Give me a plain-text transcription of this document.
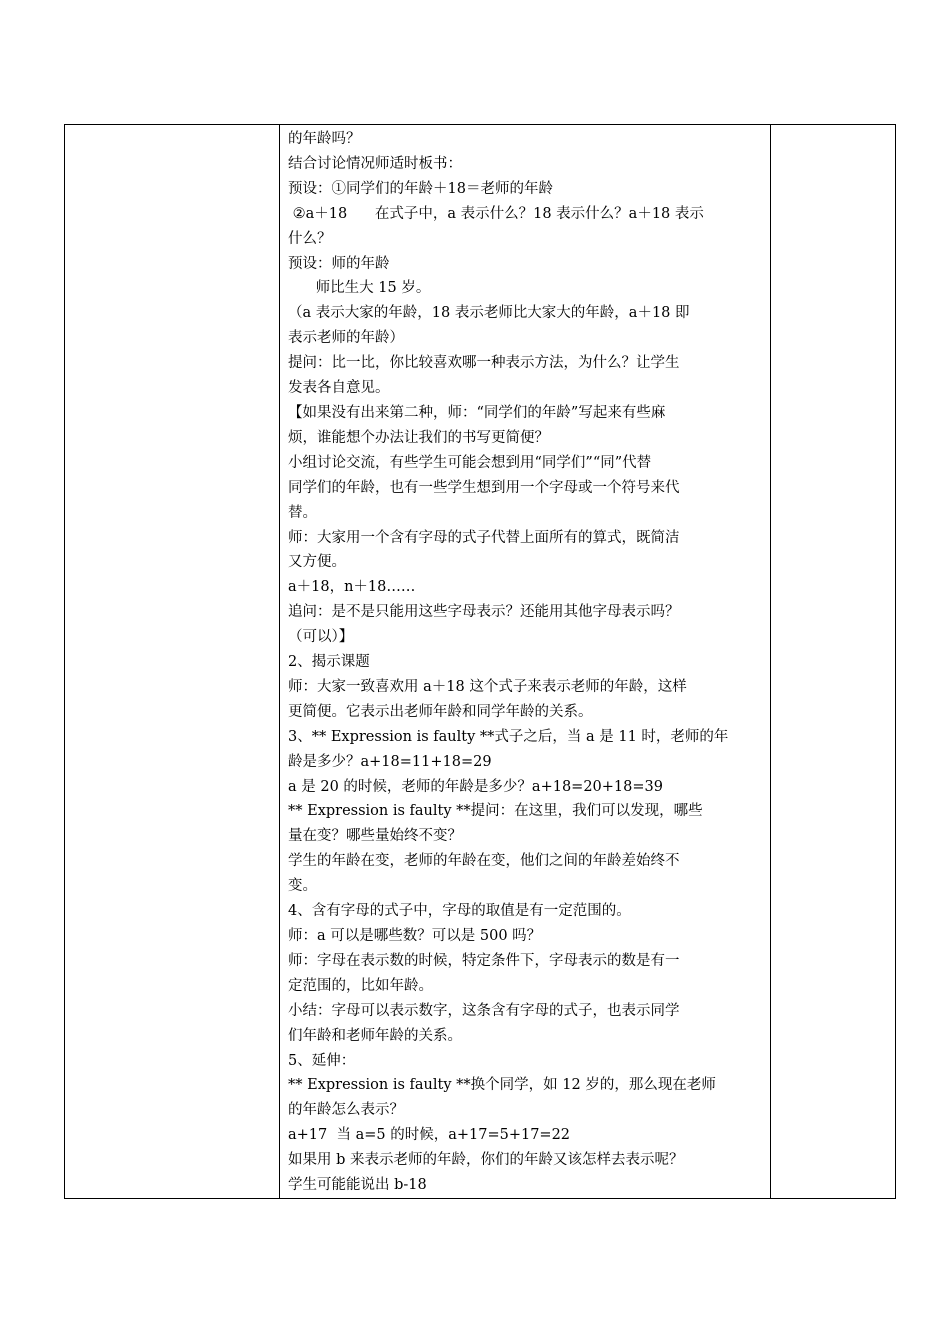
的年龄吗？
结合讨论情况师适时板书：
预设：①同学们的年龄＋18＝老师的年龄
②a＋18      在式子中，a 表示什么？18 表示什么？a＋18 表示
什么？
预设：师的年龄
师比生大 15 岁。
（a 表示大家的年龄，18 表示老师比大家大的年龄，a＋18 即
表示老师的年龄）
提问：比一比，你比较喜欢哪一种表示方法，为什么？让学生
发表各自意见。
【如果没有出来第二种，师：“同学们的年龄”写起来有些麻
烦，谁能想个办法让我们的书写更简便？
小组讨论交流，有些学生可能会想到用“同学们”“同”代替
同学们的年龄，也有一些学生想到用一个字母或一个符号来代
替。
师：大家用一个含有字母的式子代替上面所有的算式，既简洁
又方便。
a＋18，n＋18……
追问：是不是只能用这些字母表示？还能用其他字母表示吗？
（可以）】
2、揭示课题
师：大家一致喜欢用 a＋18 这个式子来表示老师的年龄，这样
更简便。它表示出老师年龄和同学年龄的关系。
3、** Expression is faulty **式子之后，当 a 是 11 时，老师的年
龄是多少？a+18=11+18=29
a 是 20 的时候，老师的年龄是多少？a+18=20+18=39
** Expression is faulty **提问：在这里，我们可以发现，哪些
量在变？哪些量始终不变？
学生的年龄在变，老师的年龄在变，他们之间的年龄差始终不
变。
4、含有字母的式子中，字母的取值是有一定范围的。
师：a 可以是哪些数？可以是 500 吗？
师：字母在表示数的时候，特定条件下，字母表示的数是有一
定范围的，比如年龄。
小结：字母可以表示数字，这条含有字母的式子，也表示同学
们年龄和老师年龄的关系。
5、延伸：
** Expression is faulty **换个同学，如 12 岁的，那么现在老师
的年龄怎么表示？
a+17  当 a=5 的时候，a+17=5+17=22
如果用 b 来表示老师的年龄，你们的年龄又该怎样去表示呢？
学生可能能说出 b-18
